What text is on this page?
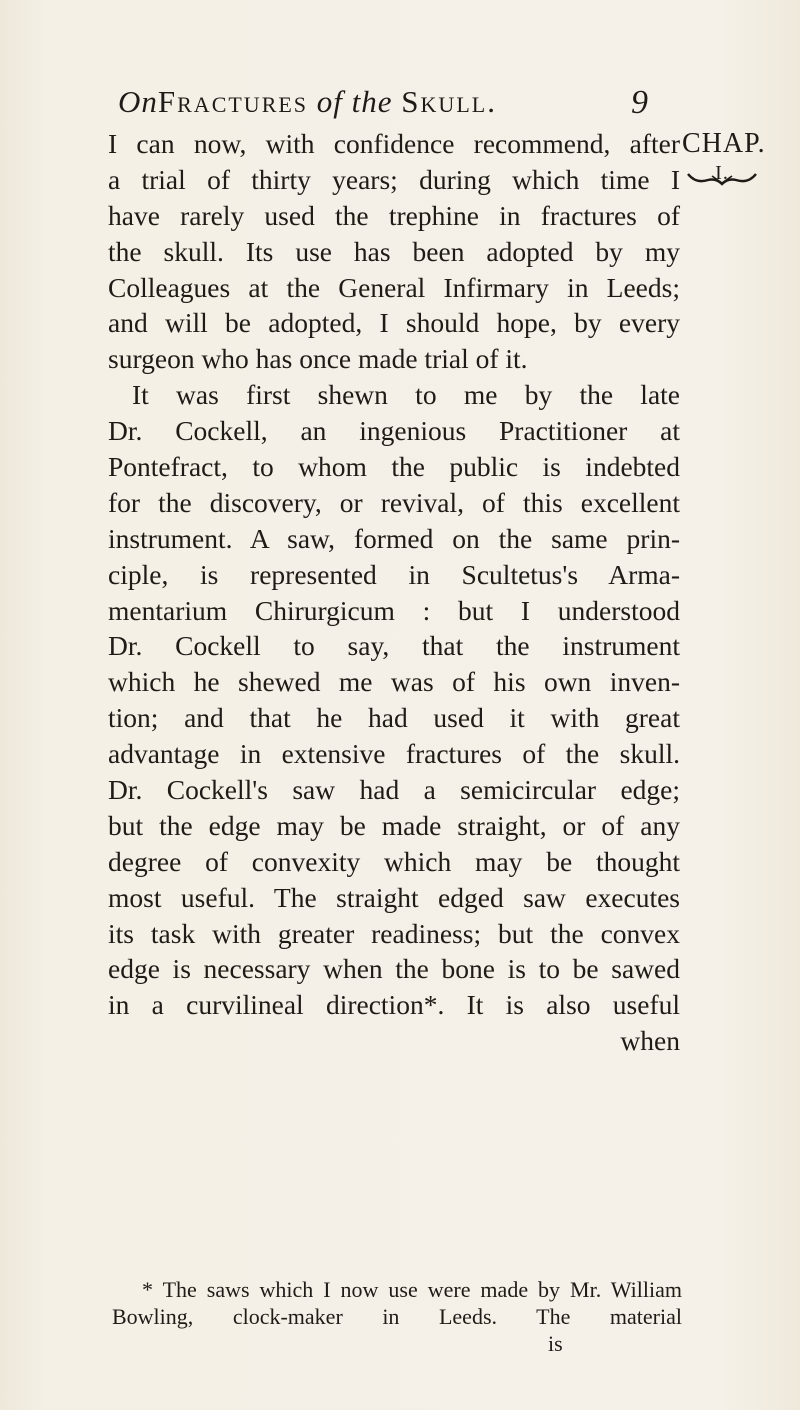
OnFractures of the Skull.	9
CHAP.
I.
I can now, with confidence recommend, after
a trial of thirty years; during which time I
have rarely used the trephine in fractures of
the skull. Its use has been adopted by my
Colleagues at the General Infirmary in Leeds;
and will be adopted, I should hope, by every
surgeon who has once made trial of it.
It was first shewn to me by the late
Dr. Cockell, an ingenious Practitioner at
Pontefract, to whom the public is indebted
for the discovery, or revival, of this excellent
instrument. A saw, formed on the same prin-
ciple, is represented in Scultetus's Arma-
mentarium Chirurgicum : but I understood
Dr. Cockell to say, that the instrument
which he shewed me was of his own inven-
tion; and that he had used it with great
advantage in extensive fractures of the skull.
Dr. Cockell's saw had a semicircular edge;
but the edge may be made straight, or of any
degree of convexity which may be thought
most useful. The straight edged saw executes
its task with greater readiness; but the convex
edge is necessary when the bone is to be sawed
in a curvilineal direction*. It is also useful
when
* The saws which I now use were made by Mr. William
Bowling, clock-maker in Leeds. The material
is
